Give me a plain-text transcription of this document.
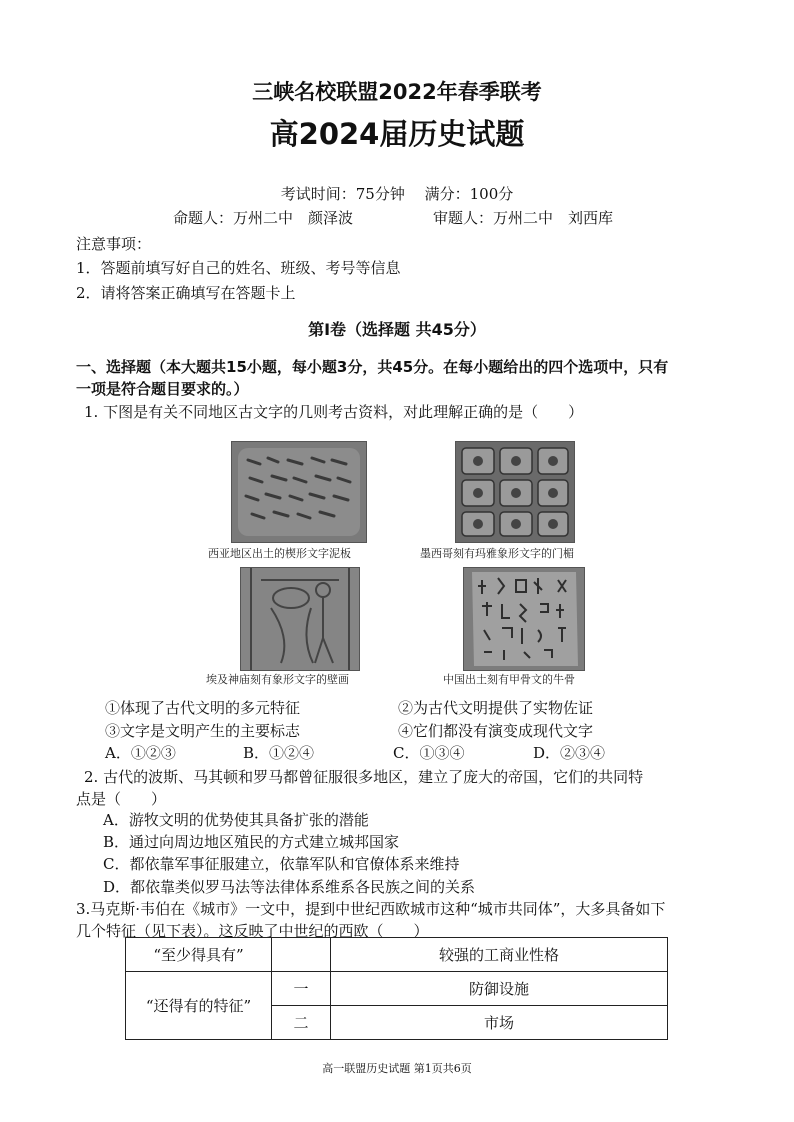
三峡名校联盟2022年春季联考
高2024届历史试题
考试时间：75分钟　 满分：100分
命题人：万州二中　颜泽波	审题人：万州二中　刘西库
注意事项：
1．答题前填写好自己的姓名、班级、考号等信息
2．请将答案正确填写在答题卡上
第Ⅰ卷（选择题 共45分）
一、选择题（本大题共15小题，每小题3分，共45分。在每小题给出的四个选项中，只有
一项是符合题目要求的。）
1. 下图是有关不同地区古文字的几则考古资料，对此理解正确的是（　　）
西亚地区出土的楔形文字泥板	墨西哥刻有玛雅象形文字的门楣
埃及神庙刻有象形文字的壁画	中国出土刻有甲骨文的牛骨
①体现了古代文明的多元特征	②为古代文明提供了实物佐证
③文字是文明产生的主要标志	④它们都没有演变成现代文字
A．①②③	B．①②④	C．①③④	D．②③④
2. 古代的波斯、马其顿和罗马都曾征服很多地区，建立了庞大的帝国，它们的共同特
点是（　　）
A．游牧文明的优势使其具备扩张的潜能
B．通过向周边地区殖民的方式建立城邦国家
C．都依靠军事征服建立，依靠军队和官僚体系来维持
D．都依靠类似罗马法等法律体系维系各民族之间的关系
3.马克斯·韦伯在《城市》一文中，提到中世纪西欧城市这种“城市共同体”，大多具备如下
几个特征（见下表）。这反映了中世纪的西欧（　　）
“至少得具有”		较强的工商业性格
“还得有的特征”	一	防御设施
	二	市场
高一联盟历史试题 第1页共6页
